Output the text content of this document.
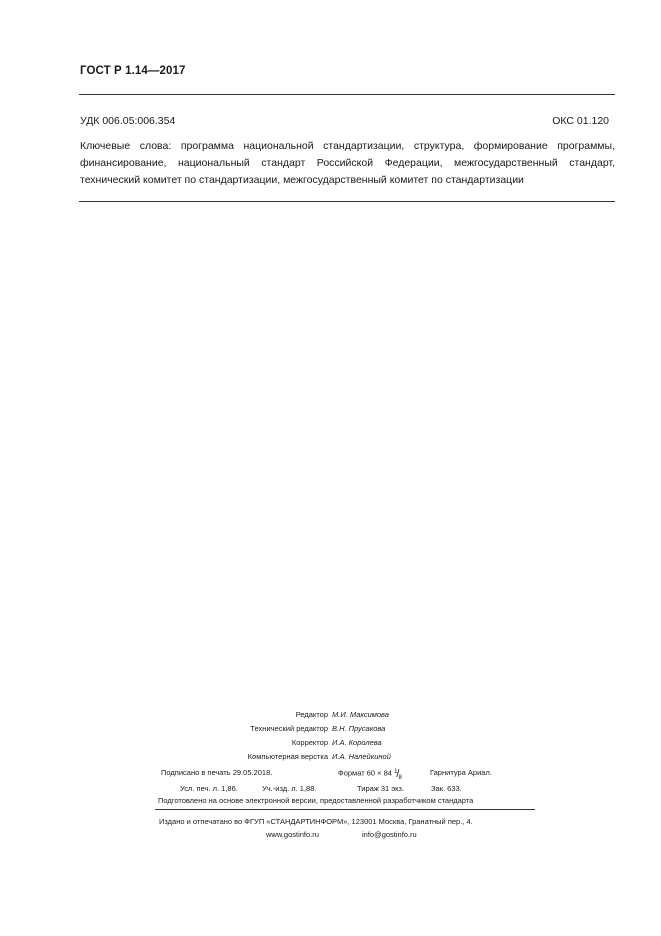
ГОСТ Р 1.14—2017
УДК 006.05:006.354	ОКС 01.120
Ключевые слова: программа национальной стандартизации, структура, формирование программы, финансирование, национальный стандарт Российской Федерации, межгосударственный стандарт, технический комитет по стандартизации, межгосударственный комитет по стандартизации
Редактор М.И. Максимова
Технический редактор В.Н. Прусакова
Корректор И.А. Королева
Компьютерная верстка И.А. Налейкиной
Подписано в печать 29.05.2018.	Формат 60 × 84 1/8
Гарнитура Ариал.
Усл. печ. л. 1,86.	Уч.-изд. л. 1,88.	Тираж 31 экз.	Зак. 633.
Подготовлено на основе электронной версии, предоставленной разработчиком стандарта
Издано и отпечатано во ФГУП «СТАНДАРТИНФОРМ», 123001 Москва, Гранатный пер., 4.
www.gostinfo.ru	info@gostinfo.ru
